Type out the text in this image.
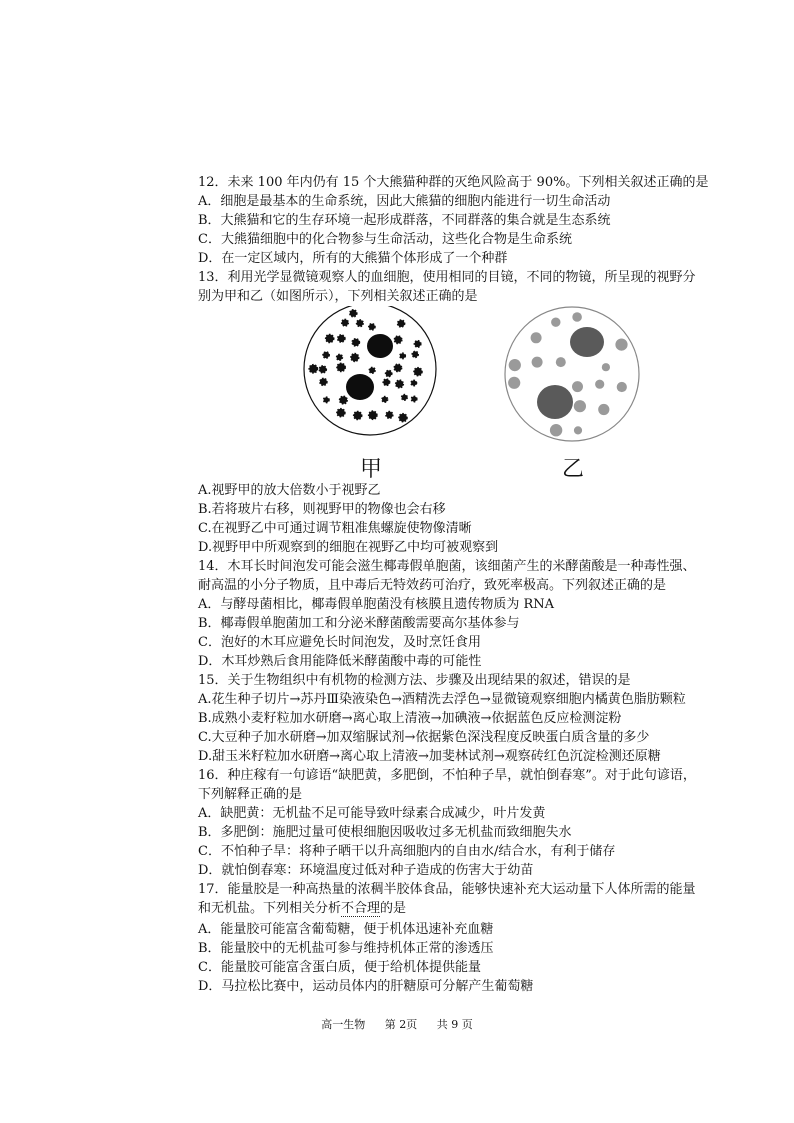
12．未来 100 年内仍有 15 个大熊猫种群的灭绝风险高于 90%。下列相关叙述正确的是
A．细胞是最基本的生命系统，因此大熊猫的细胞内能进行一切生命活动
B．大熊猫和它的生存环境一起形成群落，不同群落的集合就是生态系统
C．大熊猫细胞中的化合物参与生命活动，这些化合物是生命系统
D．在一定区域内，所有的大熊猫个体形成了一个种群
13．利用光学显微镜观察人的血细胞，使用相同的目镜，不同的物镜，所呈现的视野分
别为甲和乙（如图所示），下列相关叙述正确的是
甲	乙
A.视野甲的放大倍数小于视野乙
B.若将玻片右移，则视野甲的物像也会右移
C.在视野乙中可通过调节粗准焦螺旋使物像清晰
D.视野甲中所观察到的细胞在视野乙中均可被观察到
14．木耳长时间泡发可能会滋生椰毒假单胞菌，该细菌产生的米酵菌酸是一种毒性强、
耐高温的小分子物质，且中毒后无特效药可治疗，致死率极高。下列叙述正确的是
A．与酵母菌相比，椰毒假单胞菌没有核膜且遗传物质为 RNA
B．椰毒假单胞菌加工和分泌米酵菌酸需要高尔基体参与
C．泡好的木耳应避免长时间泡发，及时烹饪食用
D．木耳炒熟后食用能降低米酵菌酸中毒的可能性
15．关于生物组织中有机物的检测方法、步骤及出现结果的叙述，错误的是
A.花生种子切片→苏丹Ⅲ染液染色→酒精洗去浮色→显微镜观察细胞内橘黄色脂肪颗粒
B.成熟小麦籽粒加水研磨→离心取上清液→加碘液→依据蓝色反应检测淀粉
C.大豆种子加水研磨→加双缩脲试剂→依据紫色深浅程度反映蛋白质含量的多少
D.甜玉米籽粒加水研磨→离心取上清液→加斐林试剂→观察砖红色沉淀检测还原糖
16．种庄稼有一句谚语“缺肥黄，多肥倒，不怕种子旱，就怕倒春寒”。对于此句谚语，
下列解释正确的是
A．缺肥黄：无机盐不足可能导致叶绿素合成减少，叶片发黄
B．多肥倒：施肥过量可使根细胞因吸收过多无机盐而致细胞失水
C．不怕种子旱：将种子晒干以升高细胞内的自由水/结合水，有利于储存
D．就怕倒春寒：环境温度过低对种子造成的伤害大于幼苗
17．能量胶是一种高热量的浓稠半胶体食品，能够快速补充大运动量下人体所需的能量
和无机盐。下列相关分析不合理的是
A．能量胶可能富含葡萄糖，便于机体迅速补充血糖
B．能量胶中的无机盐可参与维持机体正常的渗透压
C．能量胶可能富含蛋白质，便于给机体提供能量
D．马拉松比赛中，运动员体内的肝糖原可分解产生葡萄糖
高一生物 第 2页 共 9 页
